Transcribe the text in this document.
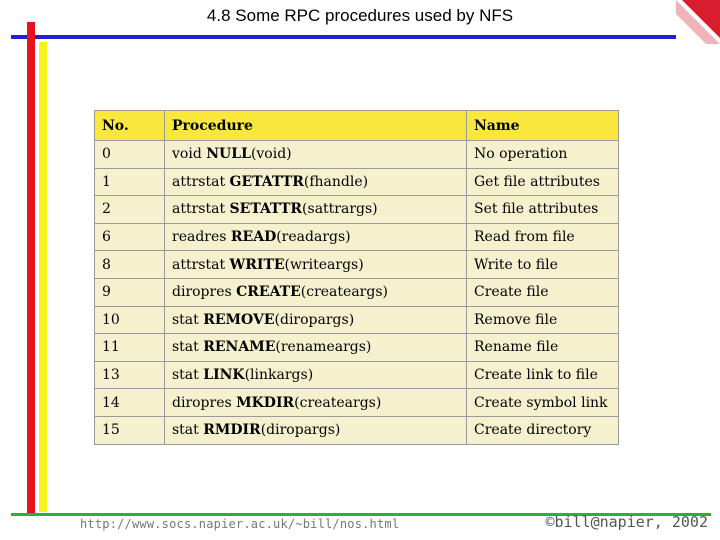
4.8 Some RPC procedures used by NFS
No.	Procedure	Name
0	void NULL(void)	No operation
1	attrstat GETATTR(fhandle)	Get file attributes
2	attrstat SETATTR(sattrargs)	Set file attributes
6	readres READ(readargs)	Read from file
8	attrstat WRITE(writeargs)	Write to file
9	diropres CREATE(createargs)	Create file
10	stat REMOVE(diropargs)	Remove file
11	stat RENAME(renameargs)	Rename file
13	stat LINK(linkargs)	Create link to file
14	diropres MKDIR(createargs)	Create symbol link
15	stat RMDIR(diropargs)	Create directory
http://www.socs.napier.ac.uk/~bill/nos.html	©bill@napier, 2002
